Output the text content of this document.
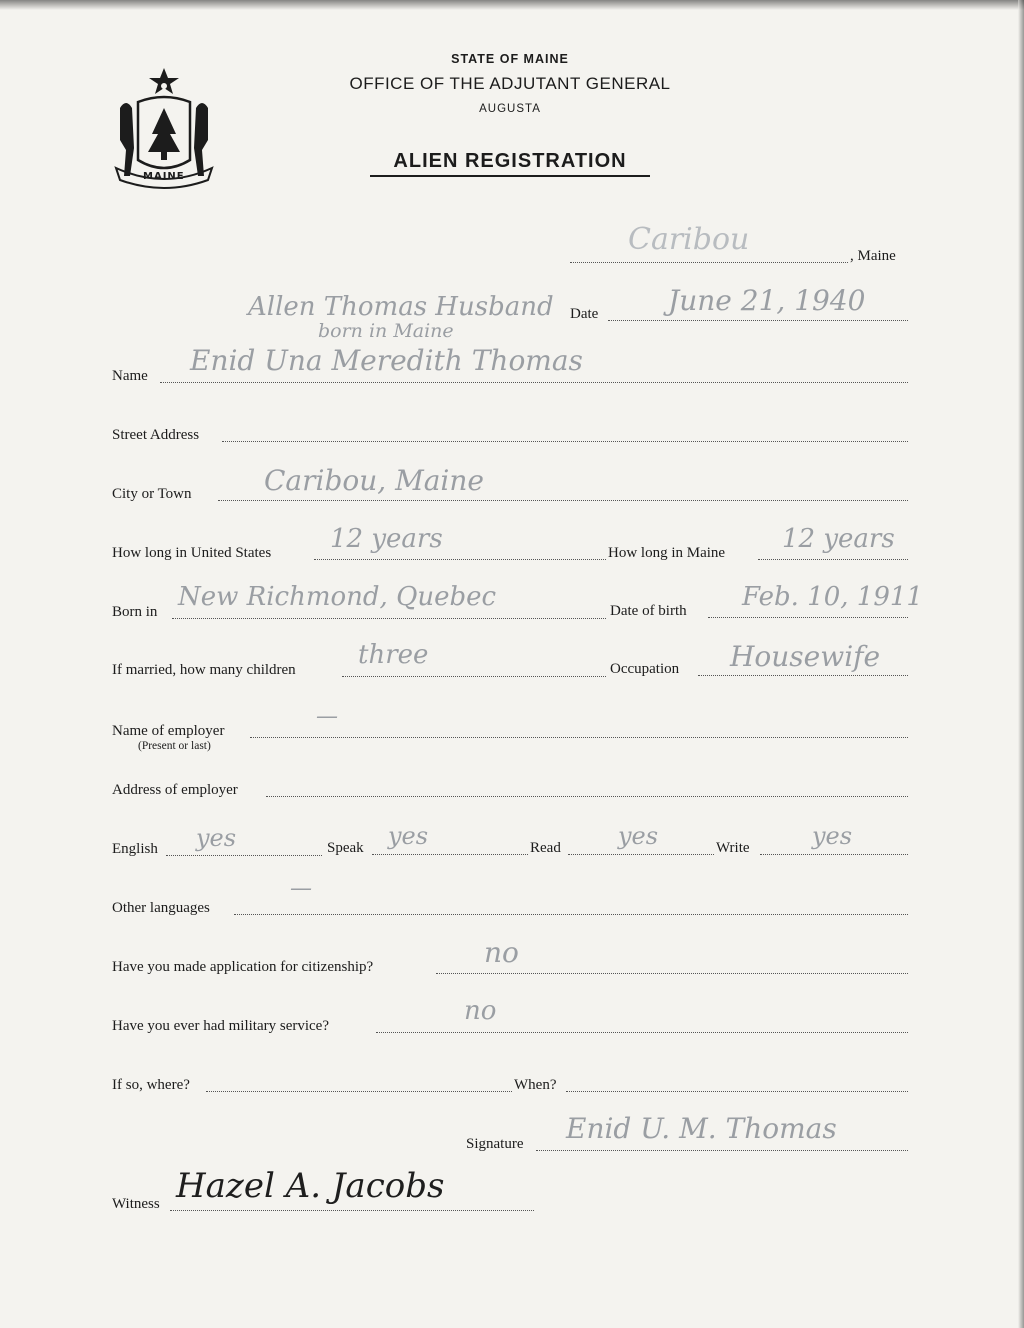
MAINE
STATE OF MAINE
OFFICE OF THE ADJUTANT GENERAL
AUGUSTA
ALIEN REGISTRATION
Caribou	, Maine
Allen Thomas Husband
born in Maine
Date June 21, 1940
Name Enid Una Meredith Thomas
Street Address
City or Town	Caribou, Maine
How long in United States 12 years	How long in Maine 12 years
Born in New Richmond, Quebec	Date of birth Feb. 10, 1911
If married, how many children three	Occupation Housewife
Name of employer
(Present or last)
—
Address of employer
English yes	Speak yes	Read yes	Write	yes
Other languages
—
Have you made application for citizenship?	no
Have you ever had military service?	no
If so, where?	When?
Signature Enid U. M. Thomas
Witness Hazel A. Jacobs
